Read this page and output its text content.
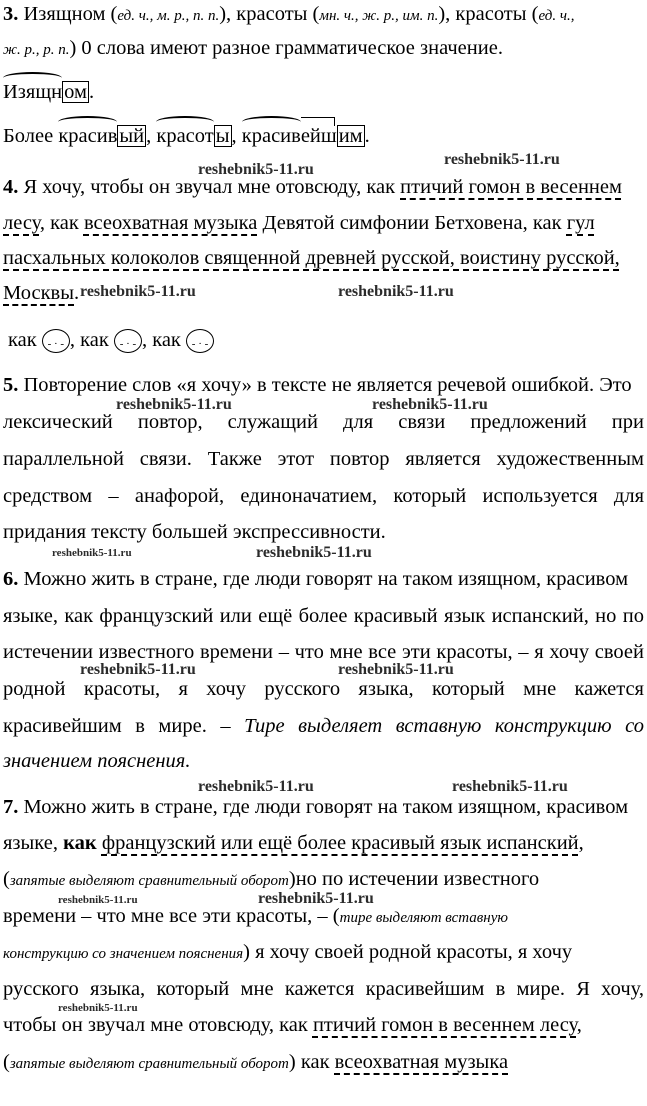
3. Изящном (ед. ч., м. р., п. п.), красоты (мн. ч., ж. р., им. п.), красоты (ед. ч.,
ж. р., р. п.) 0 слова имеют разное грамматическое значение.
Изящном.
Более красивый, красоты, красивейшим.
reshebnik5-11.ru
reshebnik5-11.ru
4. Я хочу, чтобы он звучал мне отовсюду, как птичий гомон в весеннем
лесу, как всеохватная музыка Девятой симфонии Бетховена, как гул
пасхальных колоколов священной древней русской, воистину русской,
Москвы. reshebnik5-11.ru	reshebnik5-11.ru
как - · - , как - · - , как - · -
5. Повторение слов «я хочу» в тексте не является речевой ошибкой. Это
reshebnik5-11.ru	reshebnik5-11.ru
лексический повтор, служащий для связи предложений при
параллельной связи. Также этот повтор является художественным
средством – анафорой, единоначатием, который используется для
придания тексту большей экспрессивности.
reshebnik5-11.ru	reshebnik5-11.ru
6. Можно жить в стране, где люди говорят на таком изящном, красивом
языке, как французский или ещё более красивый язык испанский, но по
истечении известного времени – что мне все эти красоты, – я хочу своей
reshebnik5-11.ru	reshebnik5-11.ru
родной красоты, я хочу русского языка, который мне кажется
красивейшим в мире. – Тире выделяет вставную конструкцию со
значением пояснения.
reshebnik5-11.ru	reshebnik5-11.ru
7. Можно жить в стране, где люди говорят на таком изящном, красивом
языке, как французский или ещё более красивый язык испанский,
(запятые выделяют сравнительный оборот)но по истечении известного
reshebnik5-11.ru	reshebnik5-11.ru
времени – что мне все эти красоты, – (тире выделяют вставную
конструкцию со значением пояснения) я хочу своей родной красоты, я хочу
русского языка, который мне кажется красивейшим в мире. Я хочу,
reshebnik5-11.ru
чтобы он звучал мне отовсюду, как птичий гомон в весеннем лесу,
(запятые выделяют сравнительный оборот) как всеохватная музыка
